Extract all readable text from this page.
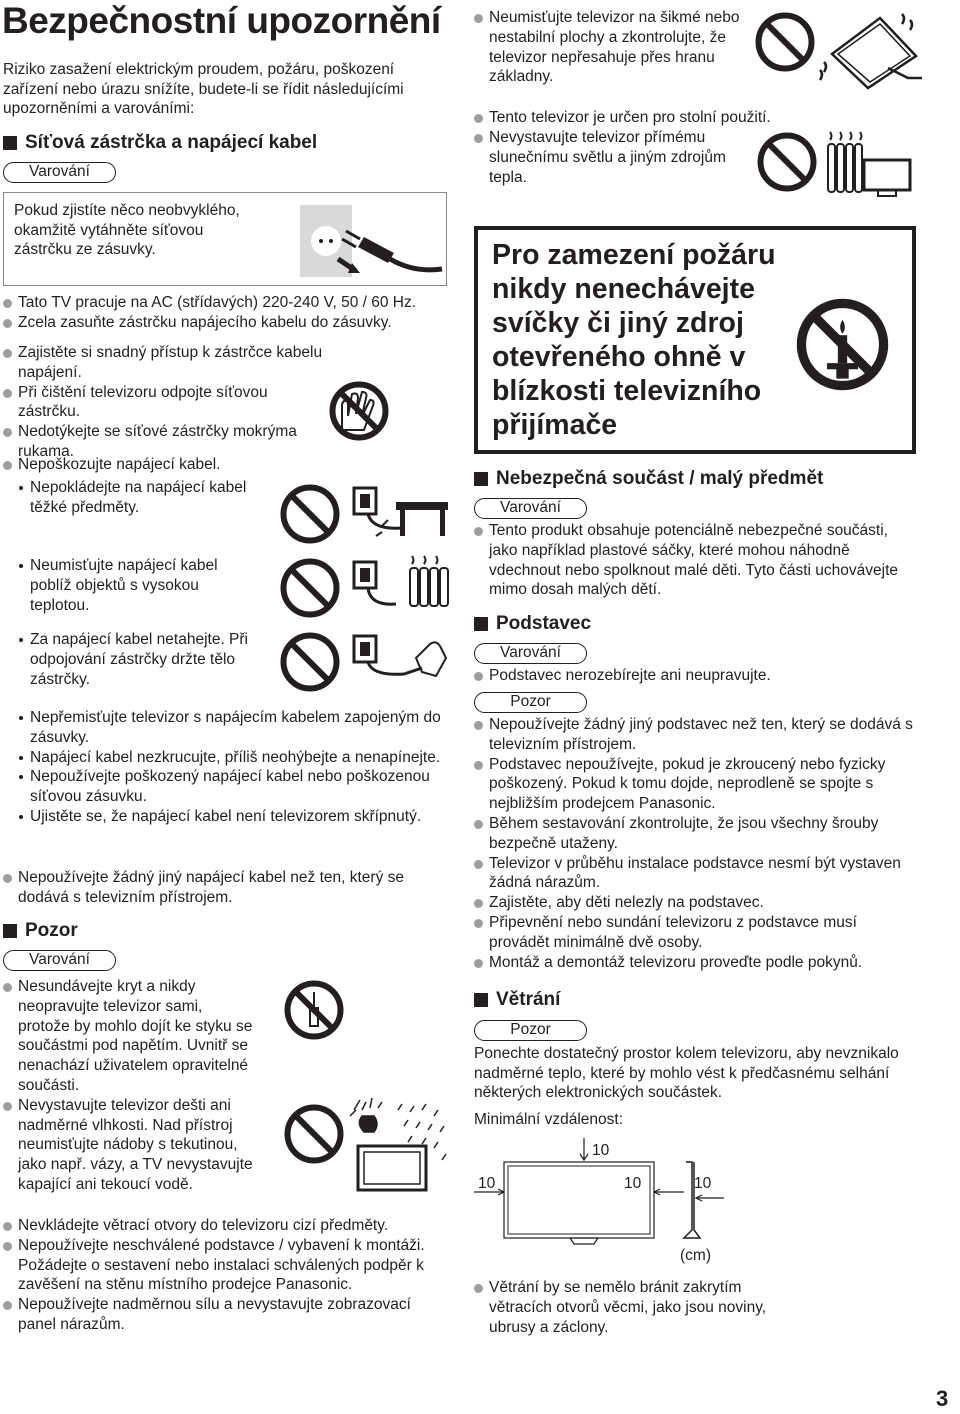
Bezpečnostní upozornění
Riziko zasažení elektrickým proudem, požáru, poškození zařízení nebo úrazu snížíte, budete-li se řídit následujícími upozorněními a varováními:
Síťová zástrčka a napájecí kabel
Varování
Pokud zjistíte něco neobvyklého, okamžitě vytáhněte síťovou zástrčku ze zásuvky.
Tato TV pracuje na AC (střídavých) 220-240 V, 50 / 60 Hz.
Zcela zasuňte zástrčku napájecího kabelu do zásuvky.
Zajistěte si snadný přístup k zástrčce kabelu napájení.
Při čištění televizoru odpojte síťovou zástrčku.
Nedotýkejte se síťové zástrčky mokrýma rukama.
Nepoškozujte napájecí kabel.
Nepokládejte na napájecí kabel těžké předměty.
Neumisťujte napájecí kabel poblíž objektů s vysokou teplotou.
Za napájecí kabel netahejte. Při odpojování zástrčky držte tělo zástrčky.
Nepřemisťujte televizor s napájecím kabelem zapojeným do zásuvky.
Napájecí kabel nezkrucujte, příliš neohýbejte a nenapínejte.
Nepoužívejte poškozený napájecí kabel nebo poškozenou síťovou zásuvku.
Ujistěte se, že napájecí kabel není televizorem skřípnutý.
Nepoužívejte žádný jiný napájecí kabel než ten, který se dodává s televizním přístrojem.
Pozor
Varování
Nesundávejte kryt a nikdy neopravujte televizor sami, protože by mohlo dojít ke styku se součástmi pod napětím. Uvnitř se nenachází uživatelem opravitelné součásti.
Nevystavujte televizor dešti ani nadměrné vlhkosti. Nad přístroj neumisťujte nádoby s tekutinou, jako např. vázy, a TV nevystavujte kapající ani tekoucí vodě.
Nevkládejte větrací otvory do televizoru cizí předměty.
Nepoužívejte neschválené podstavce / vybavení k montáži. Požádejte o sestavení nebo instalaci schválených podpěr k zavěšení na stěnu místního prodejce Panasonic.
Nepoužívejte nadměrnou sílu a nevystavujte zobrazovací panel nárazům.
Neumisťujte televizor na šikmé nebo nestabilní plochy a zkontrolujte, že televizor nepřesahuje přes hranu základny.
Tento televizor je určen pro stolní použití.
Nevystavujte televizor přímému slunečnímu světlu a jiným zdrojům tepla.
Pro zamezení požáru nikdy nenechávejte svíčky či jiný zdroj otevřeného ohně v blízkosti televizního přijímače
Nebezpečná součást / malý předmět
Varování
Tento produkt obsahuje potenciálně nebezpečné součásti, jako například plastové sáčky, které mohou náhodně vdechnout nebo spolknout malé děti. Tyto části uchovávejte mimo dosah malých dětí.
Podstavec
Varování
Podstavec nerozebírejte ani neupravujte.
Pozor
Nepoužívejte žádný jiný podstavec než ten, který se dodává s televizním přístrojem.
Podstavec nepoužívejte, pokud je zkroucený nebo fyzicky poškozený. Pokud k tomu dojde, neprodleně se spojte s nejbližším prodejcem Panasonic.
Během sestavování zkontrolujte, že jsou všechny šrouby bezpečně utaženy.
Televizor v průběhu instalace podstavce nesmí být vystaven žádná nárazům.
Zajistěte, aby děti nelezly na podstavec.
Připevnění nebo sundání televizoru z podstavce musí provádět minimálně dvě osoby.
Montáž a demontáž televizoru proveďte podle pokynů.
Větrání
Pozor
Ponechte dostatečný prostor kolem televizoru, aby nevznikalo nadměrné teplo, které by mohlo vést k předčasnému selhání některých elektronických součástek.
Minimální vzdálenost:
10
10	10	10
(cm)
Větrání by se nemělo bránit zakrytím větracích otvorů věcmi, jako jsou noviny, ubrusy a záclony.
3
